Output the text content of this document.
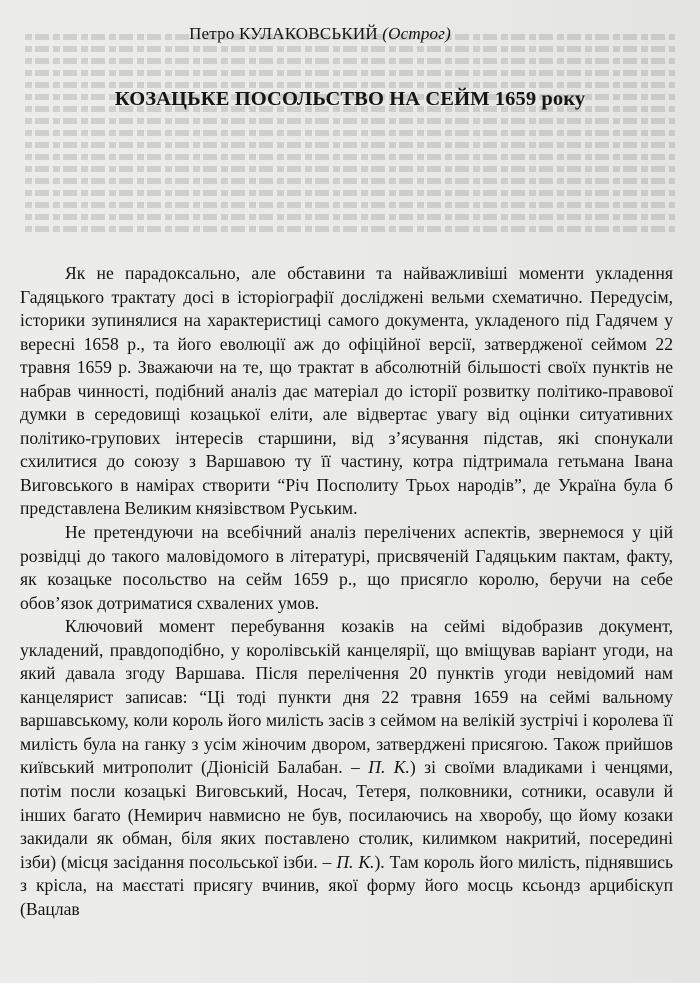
Петро КУЛАКОВСЬКИЙ (Острог)
КОЗАЦЬКЕ ПОСОЛЬСТВО НА СЕЙМ 1659 року

Як не парадоксально, але обставини та найважливіші моменти укладення Гадяцького трактату досі в історіографії досліджені вельми схематично. Передусім, історики зупинялися на характеристиці самого документа, укладеного під Гадячем у вересні 1658 р., та його еволюції аж до офіційної версії, затвердженої сеймом 22 травня 1659 р. Зважаючи на те, що трактат в абсолютній більшості своїх пунктів не набрав чинності, подібний аналіз дає матеріал до історії розвитку політико-правової думки в середовищі козацької еліти, але відвертає увагу від оцінки ситуативних політико-групових інтересів старшини, від з’ясування підстав, які спонукали схилитися до союзу з Варшавою ту її частину, котра підтримала гетьмана Івана Виговського в намірах створити “Річ Посполиту Трьох народів”, де Україна була б представлена Великим князівством Руським.

Не претендуючи на всебічний аналіз перелічених аспектів, звернемося у цій розвідці до такого маловідомого в літературі, присвяченій Гадяцьким пактам, факту, як козацьке посольство на сейм 1659 р., що присягло королю, беручи на себе обов’язок дотриматися схвалених умов.

Ключовий момент перебування козаків на сеймі відобразив документ, укладений, правдоподібно, у королівській канцелярії, що вміщував варіант угоди, на який давала згоду Варшава. Після перелічення 20 пунктів угоди невідомий нам канцелярист записав: “Ці тоді пункти дня 22 травня 1659 на сеймі вальному варшавському, коли король його милість засів з сеймом на велікій зустрічі і королева її милість була на ганку з усім жіночим двором, затверджені присягою. Також прийшов київський митрополит (Діонісій Балабан. – П. К.) зі своїми владиками і ченцями, потім посли козацькі Виговський, Носач, Тетеря, полковники, сотники, осавули й інших багато (Немирич навмисно не був, посилаючись на хворобу, що йому козаки закидали як обман, біля яких поставлено столик, килимком накритий, посередині ізби) (місця засідання посольської ізби. – П. К.). Там король його милість, піднявшись з крісла, на маєстаті присягу вчинив, якої форму його мосць ксьондз арцибіскуп (Вацлав
